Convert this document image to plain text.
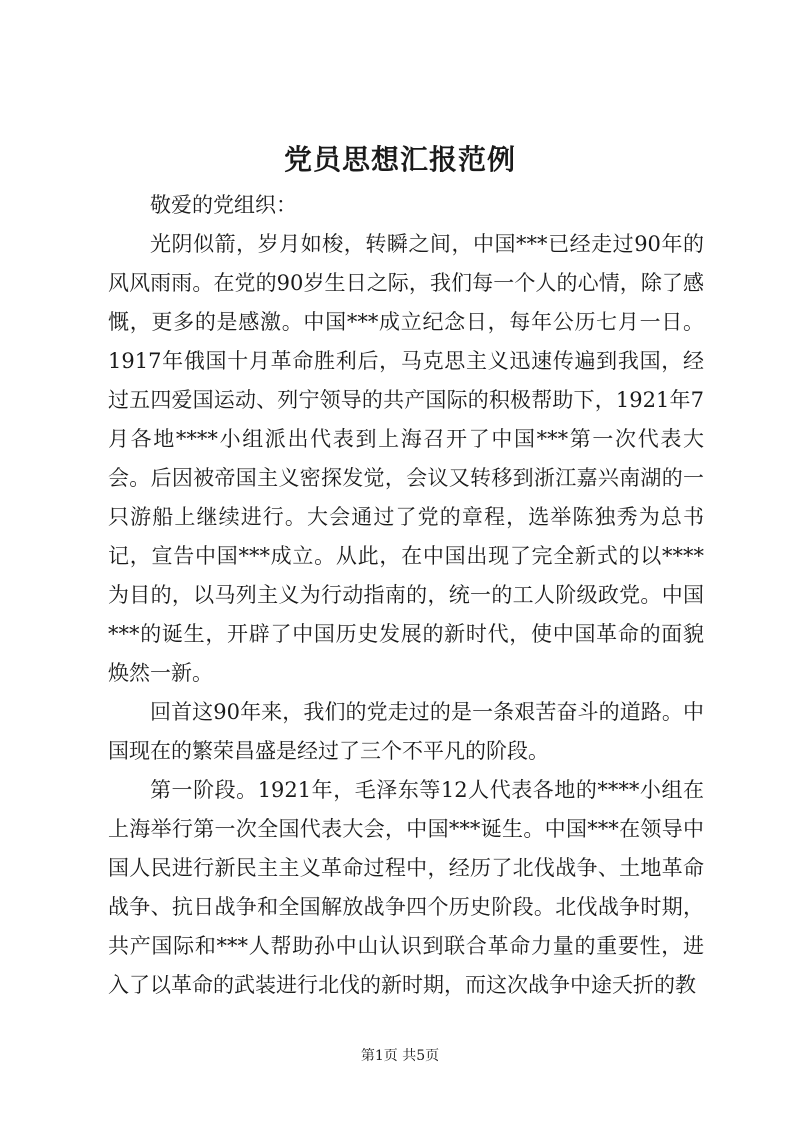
党员思想汇报范例

敬爱的党组织：

光阴似箭，岁月如梭，转瞬之间，中国***已经走过90年的风风雨雨。在党的90岁生日之际，我们每一个人的心情，除了感慨，更多的是感激。中国***成立纪念日，每年公历七月一日。1917年俄国十月革命胜利后，马克思主义迅速传遍到我国，经过五四爱国运动、列宁领导的共产国际的积极帮助下，1921年7月各地****小组派出代表到上海召开了中国***第一次代表大会。后因被帝国主义密探发觉，会议又转移到浙江嘉兴南湖的一只游船上继续进行。大会通过了党的章程，选举陈独秀为总书记，宣告中国***成立。从此，在中国出现了完全新式的以****为目的，以马列主义为行动指南的，统一的工人阶级政党。中国***的诞生，开辟了中国历史发展的新时代，使中国革命的面貌焕然一新。

回首这90年来，我们的党走过的是一条艰苦奋斗的道路。中国现在的繁荣昌盛是经过了三个不平凡的阶段。

第一阶段。1921年，毛泽东等12人代表各地的****小组在上海举行第一次全国代表大会，中国***诞生。中国***在领导中国人民进行新民主主义革命过程中，经历了北伐战争、土地革命战争、抗日战争和全国解放战争四个历史阶段。北伐战争时期，共产国际和***人帮助孙中山认识到联合革命力量的重要性，进入了以革命的武装进行北伐的新时期，而这次战争中途夭折的教

第1页 共5页
